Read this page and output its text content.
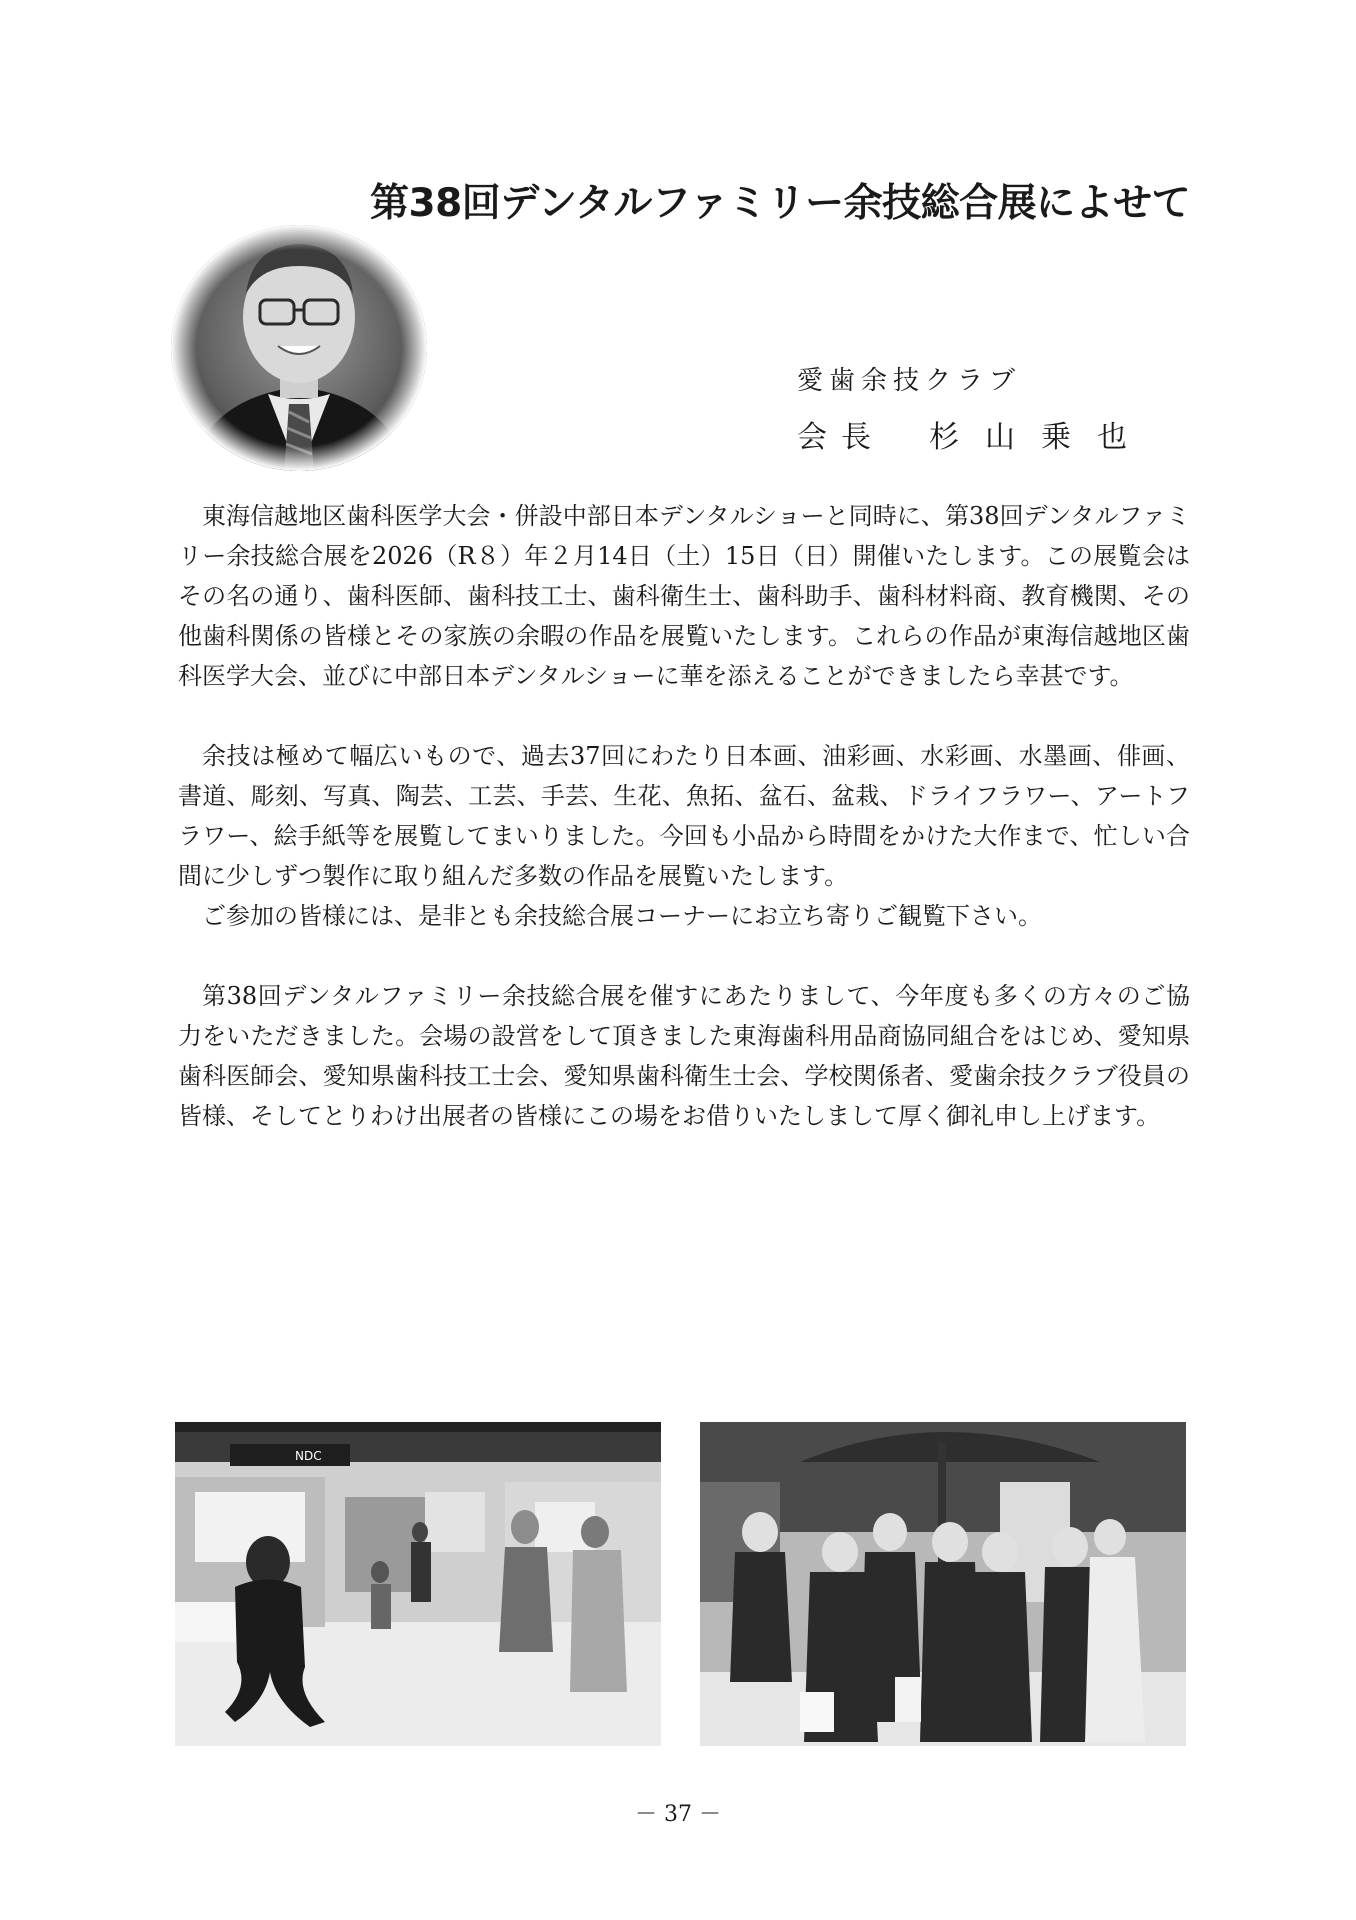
第38回デンタルファミリー余技総合展によせて
愛歯余技クラブ
会長 杉山乗也

東海信越地区歯科医学大会・併設中部日本デンタルショーと同時に、第38回デンタルファミリー余技総合展を2026（R８）年２月14日（土）15日（日）開催いたします。この展覧会はその名の通り、歯科医師、歯科技工士、歯科衛生士、歯科助手、歯科材料商、教育機関、その他歯科関係の皆様とその家族の余暇の作品を展覧いたします。これらの作品が東海信越地区歯科医学大会、並びに中部日本デンタルショーに華を添えることができましたら幸甚です。

余技は極めて幅広いもので、過去37回にわたり日本画、油彩画、水彩画、水墨画、俳画、書道、彫刻、写真、陶芸、工芸、手芸、生花、魚拓、盆石、盆栽、ドライフラワー、アートフラワー、絵手紙等を展覧してまいりました。今回も小品から時間をかけた大作まで、忙しい合間に少しずつ製作に取り組んだ多数の作品を展覧いたします。

ご参加の皆様には、是非とも余技総合展コーナーにお立ち寄りご観覧下さい。

第38回デンタルファミリー余技総合展を催すにあたりまして、今年度も多くの方々のご協力をいただきました。会場の設営をして頂きました東海歯科用品商協同組合をはじめ、愛知県歯科医師会、愛知県歯科技工士会、愛知県歯科衛生士会、学校関係者、愛歯余技クラブ役員の皆様、そしてとりわけ出展者の皆様にこの場をお借りいたしまして厚く御礼申し上げます。

NDC
－ 37 －
